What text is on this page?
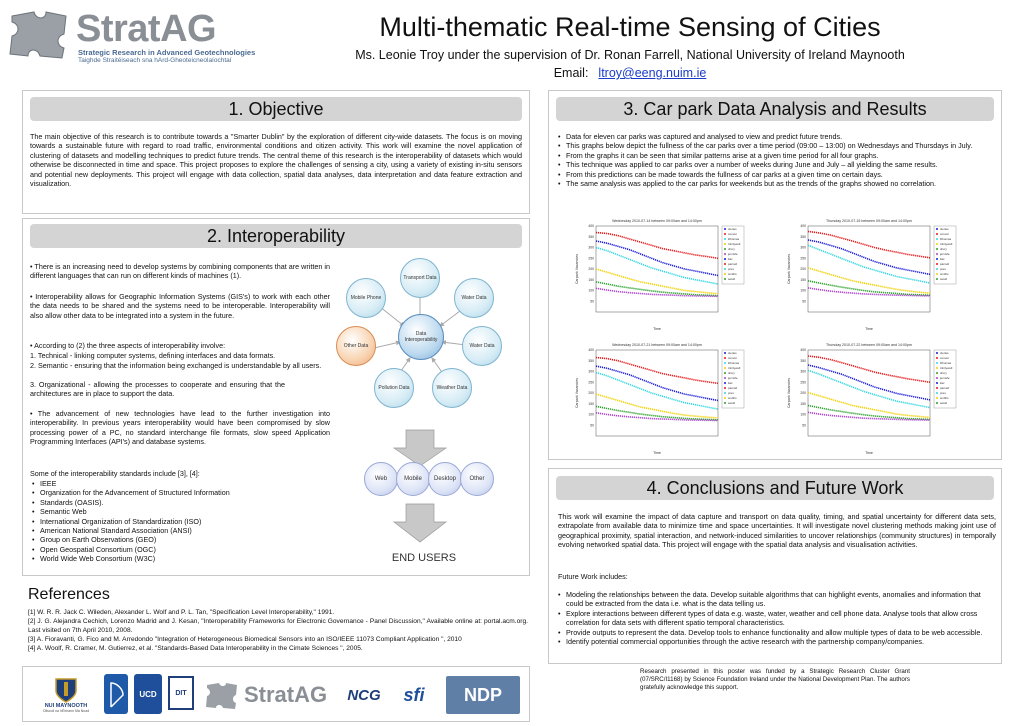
StratAG
Strategic Research in Advanced Geotechnologies
Taighde Straitéiseach sna hArd-Gheoteicneolaíochtaí
Multi-thematic Real-time Sensing of Cities
Ms. Leonie Troy under the supervision of Dr. Ronan Farrell, National University of Ireland Maynooth
Email: ltroy@eeng.nuim.ie
1. Objective
The main objective of this research is to contribute towards a "Smarter Dublin" by the exploration of different city-wide datasets. The focus is on moving towards a sustainable future with regard to road traffic, environmental conditions and citizen activity. This work will examine the novel application of clustering of datasets and modelling techniques to predict future trends. The central theme of this research is the interoperability of datasets which would otherwise be disconnected in time and space. This project proposes to explore the challenges of sensing a city, using a variety of existing in-situ sensors and potential new deployments. This project will engage with data collection, spatial data analyses, data interpretation and data feature extraction and visualization.
2. Interoperability
• There is an increasing need to develop systems by combining components that are written in different languages that can run on different kinds of machines (1).
• Interoperability allows for Geographic Information Systems (GIS's) to work with each other the data needs to be shared and the systems need to be interoperable. Interoperability will also allow other data to be integrated into a system in the future.
• According to (2) the three aspects of interoperability involve:
1. Technical - linking computer systems, defining interfaces and data formats.
2. Semantic - ensuring that the information being exchanged is understandable by all users.
3. Organizational - allowing the processes to cooperate and ensuring that the architectures are in place to support the data.
• The advancement of new technologies have lead to the further investigation into interoperability. In previous years interoperability would have been compromised by slow processing power of a PC, no standard interchange file formats, slow speed Application Programming Interfaces (API's) and database systems.
Some of the interoperability standards include [3], [4]:
• IEEE
• Organization for the Advancement of Structured Information
• Standards (OASIS).
• Semantic Web
• International Organization of Standardization (ISO)
• American National Standard Association (ANSI)
• Group on Earth Observations (GEO)
• Open Geospatial Consortium (OGC)
• World Wide Web Consortium (W3C)
Transport Data
Water Data
Water Data
Weather Data
Pollution Data
Other Data
Mobile Phone
Data Interoperability
Web	Mobile	Desktop	Other
END USERS
References
[1] W. R. R. Jack C. Wileden, Alexander L. Wolf and P. L. Tan, "Specification Level Interoperability," 1991.
[2] J. G. Alejandra Cechich, Lorenzo Madrid and J. Kesan, "Interoperability Frameworks for Electronic Governance - Panel Discussion," Available online at: portal.acm.org. Last visited on 7th April 2010, 2008.
[3] A. Fioravanti, G. Fico and M. Arredondo "Integration of Heterogeneous Biomedical Sensors into an ISO/IEEE 11073 Compliant Application ", 2010
[4] A. Woolf, R. Cramer, M. Gutierrez, et al. "Standards-Based Data Interoperability in the Cimate Sciences ", 2005.
3. Car park Data Analysis and Results
• Data for eleven car parks was captured and analysed to view and predict future trends.
• This graphs below depict the fullness of the car parks over a time period (09:00 – 13:00) on Wednesdays and Thursdays in July.
• From the graphs it can be seen that similar patterns arise at a given time period for all four graphs.
• This technique was applied to car parks over a number of weeks during June and July – all yielding the same results.
• From this predictions can be made towards the fullness of car parks at a given time on certain days.
• The same analysis was applied to the car parks for weekends but as the trends of the graphs showed no correlation.
Wednesday 2010-07-14 between 09:00am and 14:00pm
50
100
150
200
250
300
350
400
Carpark Vacancies
Time
cleries
conver
ilthomas
trinitywell
drury
jervisfe
ilac
parnell
pres
smiths
setoll
Thursday 2010-07-15 between 09:00am and 14:00pm
50
100
150
200
250
300
350
400
Carpark Vacancies
Time
cleries
conver
ilthomas
trinitywell
drury
jervisfe
ilac
parnell
pres
smiths
setoll
Wednesday 2010-07-21 between 09:00am and 14:00pm
50
100
150
200
250
300
350
400
Carpark Vacancies
Time
cleries
conver
ilthomas
trinitywell
drury
jervisfe
ilac
parnell
pres
smiths
setoll
Thursday 2010-07-22 between 09:00am and 14:00pm
50
100
150
200
250
300
350
400
Carpark Vacancies
Time
cleries
conver
ilthomas
trinitywell
drury
jervisfe
ilac
parnell
pres
smiths
setoll
4. Conclusions and Future Work
This work will examine the impact of data capture and transport on data quality, timing, and spatial uncertainty for different data sets, extrapolate from available data to minimize time and space uncertainties. It will investigate novel clustering methods making joint use of geographical proximity, spatial interaction, and network-induced similarities to uncover relationships (community structures) in temporally evolving networked spatial data. This project will engage with the spatial data analysis and visualisation activities.
Future Work includes:
• Modeling the relationships between the data. Develop suitable algorithms that can highlight events, anomalies and information that could be extracted from the data i.e. what is the data telling us.
• Explore interactions between different types of data e.g. waste, water, weather and cell phone data. Analyse tools that allow cross correlation for data sets with different spatio temporal characteristics.
• Provide outputs to represent the data. Develop tools to enhance functionality and allow multiple types of data to be web accessible.
• Identify potential commercial opportunities through the active research with the partnership company/companies.
NUI MAYNOOTH
Ollscoil na hÉireann Má Nuad
UCD	DIT	StratAG NCG sfi NDP
Research presented in this poster was funded by a Strategic Research Cluster Grant (07/SRC/I1168) by Science Foundation Ireland under the National Development Plan. The authors gratefully acknowledge this support.
